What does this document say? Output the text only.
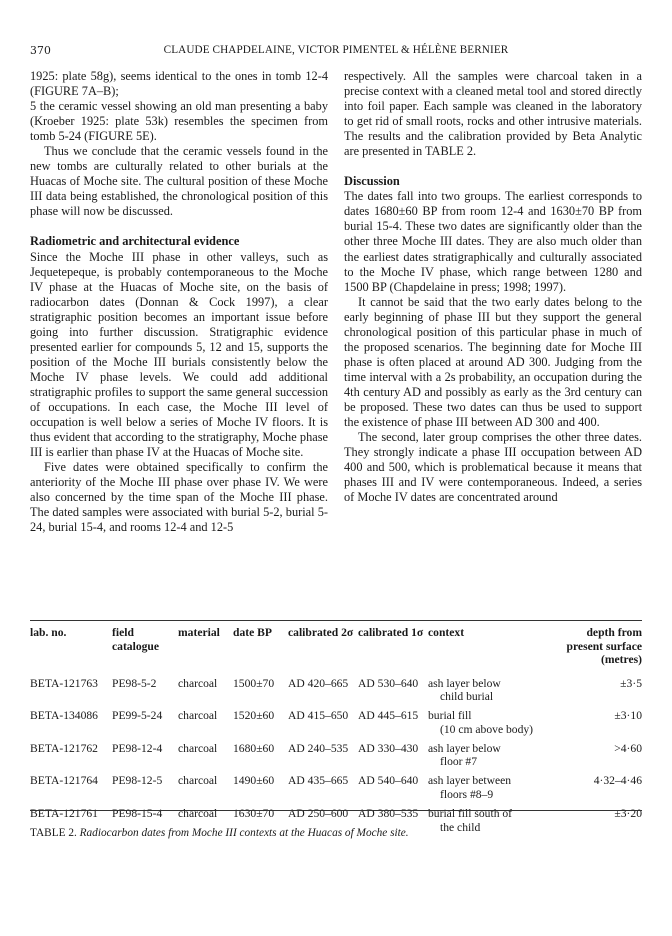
370	CLAUDE CHAPDELAINE, VICTOR PIMENTEL & HÉLÈNE BERNIER

1925: plate 58g), seems identical to the ones in tomb 12-4 (FIGURE 7A–B);

5 the ceramic vessel showing an old man presenting a baby (Kroeber 1925: plate 53k) resembles the specimen from tomb 5-24 (FIGURE 5E).

Thus we conclude that the ceramic vessels found in the new tombs are culturally related to other burials at the Huacas of Moche site. The cultural position of these Moche III data being established, the chronological position of this phase will now be discussed.

Radiometric and architectural evidence

Since the Moche III phase in other valleys, such as Jequetepeque, is probably contemporaneous to the Moche IV phase at the Huacas of Moche site, on the basis of radiocarbon dates (Donnan & Cock 1997), a clear stratigraphic position becomes an important issue before going into further discussion. Stratigraphic evidence presented earlier for compounds 5, 12 and 15, supports the position of the Moche III burials consistently below the Moche IV phase levels. We could add additional stratigraphic profiles to support the same general succession of occupations. In each case, the Moche III level of occupation is well below a series of Moche IV floors. It is thus evident that according to the stratigraphy, Moche phase III is earlier than phase IV at the Huacas of Moche site.

Five dates were obtained specifically to confirm the anteriority of the Moche III phase over phase IV. We were also concerned by the time span of the Moche III phase. The dated samples were associated with burial 5-2, burial 5-24, burial 15-4, and rooms 12-4 and 12-5

respectively. All the samples were charcoal taken in a precise context with a cleaned metal tool and stored directly into foil paper. Each sample was cleaned in the laboratory to get rid of small roots, rocks and other intrusive materials. The results and the calibration provided by Beta Analytic are presented in TABLE 2.

Discussion

The dates fall into two groups. The earliest corresponds to dates 1680±60 BP from room 12-4 and 1630±70 BP from burial 15-4. These two dates are significantly older than the other three Moche III dates. They are also much older than the earliest dates stratigraphically and culturally associated to the Moche IV phase, which range between 1280 and 1500 BP (Chapdelaine in press; 1998; 1997).

It cannot be said that the two early dates belong to the early beginning of phase III but they support the general chronological position of this particular phase in much of the proposed scenarios. The beginning date for Moche III phase is often placed at around AD 300. Judging from the time interval with a 2s probability, an occupation during the 4th century AD and possibly as early as the 3rd century can be proposed. These two dates can thus be used to support the existence of phase III between AD 300 and 400.

The second, later group comprises the other three dates. They strongly indicate a phase III occupation between AD 400 and 500, which is problematical because it means that phases III and IV were contemporaneous. Indeed, a series of Moche IV dates are concentrated around

lab. no.	field catalogue	material	date BP	calibrated 2σ	calibrated 1σ	context	depth from present surface (metres)

BETA-121763	PE98-5-2	charcoal	1500±70	AD 420–665	AD 530–640	ash layer below
child burial	±3·5

BETA-134086	PE99-5-24	charcoal	1520±60	AD 415–650	AD 445–615	burial fill
(10 cm above body)	±3·10

BETA-121762	PE98-12-4	charcoal	1680±60	AD 240–535	AD 330–430	ash layer below
floor #7	>4·60

BETA-121764	PE98-12-5	charcoal	1490±60	AD 435–665	AD 540–640	ash layer between
floors #8–9	4·32–4·46

BETA-121761	PE98-15-4	charcoal	1630±70	AD 250–600	AD 380–535	burial fill south of
the child	±3·20
TABLE 2. Radiocarbon dates from Moche III contexts at the Huacas of Moche site.
